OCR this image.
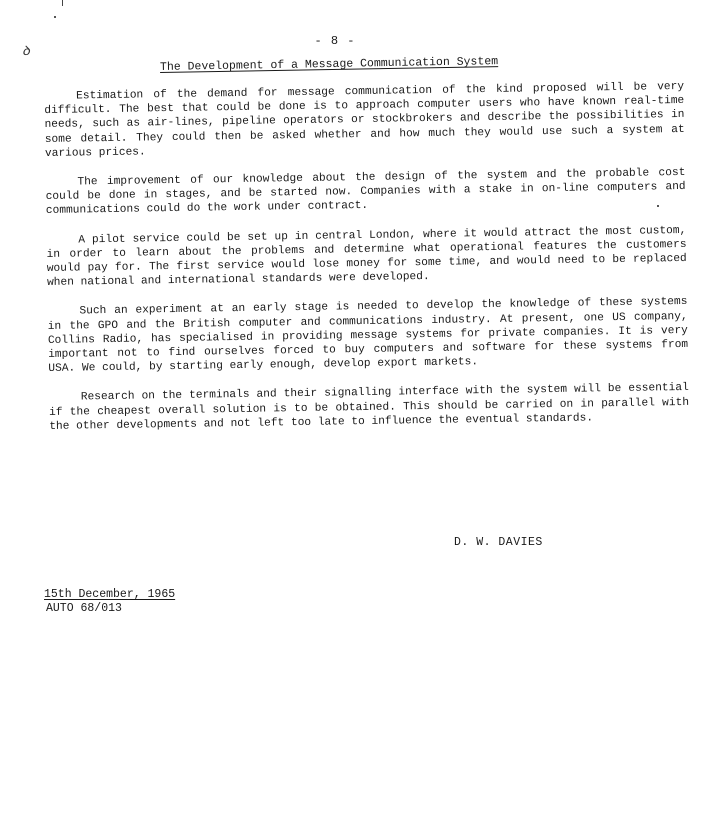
ꝺ
- 8 -
The Development of a Message Communication System

Estimation of the demand for message communication of the kind proposed will be very difficult. The best that could be done is to approach computer users who have known real-time needs, such as air-lines, pipeline operators or stockbrokers and describe the possibilities in some detail. They could then be asked whether and how much they would use such a system at various prices.

The improvement of our knowledge about the design of the system and the probable cost could be done in stages, and be started now. Companies with a stake in on-line computers and communications could do the work under contract.

A pilot service could be set up in central London, where it would attract the most custom, in order to learn about the problems and determine what operational features the customers would pay for. The first service would lose money for some time, and would need to be replaced when national and international standards were developed.

Such an experiment at an early stage is needed to develop the knowledge of these systems in the GPO and the British computer and communications industry. At present, one US company, Collins Radio, has specialised in providing message systems for private companies. It is very important not to find ourselves forced to buy computers and software for these systems from USA. We could, by starting early enough, develop export markets.

Research on the terminals and their signalling interface with the system will be essential if the cheapest overall solution is to be obtained. This should be carried on in parallel with the other developments and not left too late to influence the eventual standards.

D. W. DAVIES
15th December, 1965
AUTO 68/013
